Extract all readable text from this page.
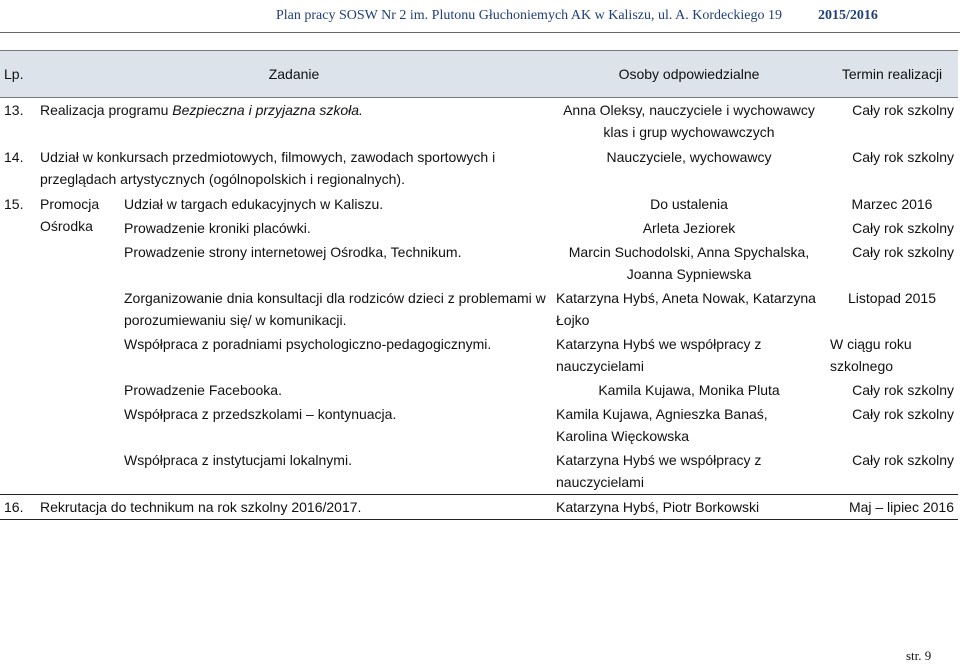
Plan pracy SOSW Nr 2 im. Plutonu Głuchoniemych AK w Kaliszu, ul. A. Kordeckiego 19	2015/2016
Lp.	Zadanie		Osoby odpowiedzialne	Termin realizacji
13.	Realizacja programu Bezpieczna i przyjazna szkoła.		Anna Oleksy, nauczyciele i wychowawcy klas i grup wychowawczych	Cały rok szkolny
14.	Udział w konkursach przedmiotowych, filmowych, zawodach sportowych i przeglądach artystycznych (ogólnopolskich i regionalnych).		Nauczyciele, wychowawcy	Cały rok szkolny
15.	Promocja Ośrodka	Udział w targach edukacyjnych w Kaliszu.	Do ustalenia	Marzec 2016
		Prowadzenie kroniki placówki.	Arleta Jeziorek	Cały rok szkolny
		Prowadzenie strony internetowej Ośrodka, Technikum.	Marcin Suchodolski, Anna Spychalska, Joanna Sypniewska	Cały rok szkolny
		Zorganizowanie dnia konsultacji dla rodziców dzieci z problemami w porozumiewaniu się/ w komunikacji.	Katarzyna Hybś, Aneta Nowak, Katarzyna Łojko	Listopad 2015
		Współpraca z poradniami psychologiczno-pedagogicznymi.	Katarzyna Hybś we współpracy z nauczycielami	W ciągu roku szkolnego
		Prowadzenie Facebooka.	Kamila Kujawa, Monika Pluta	Cały rok szkolny
		Współpraca z przedszkolami – kontynuacja.	Kamila Kujawa, Agnieszka Banaś, Karolina Więckowska	Cały rok szkolny
		Współpraca z instytucjami lokalnymi.	Katarzyna Hybś we współpracy z nauczycielami	Cały rok szkolny
16.	Rekrutacja do technikum na rok szkolny 2016/2017.		Katarzyna Hybś, Piotr Borkowski	Maj – lipiec 2016
str. 9
